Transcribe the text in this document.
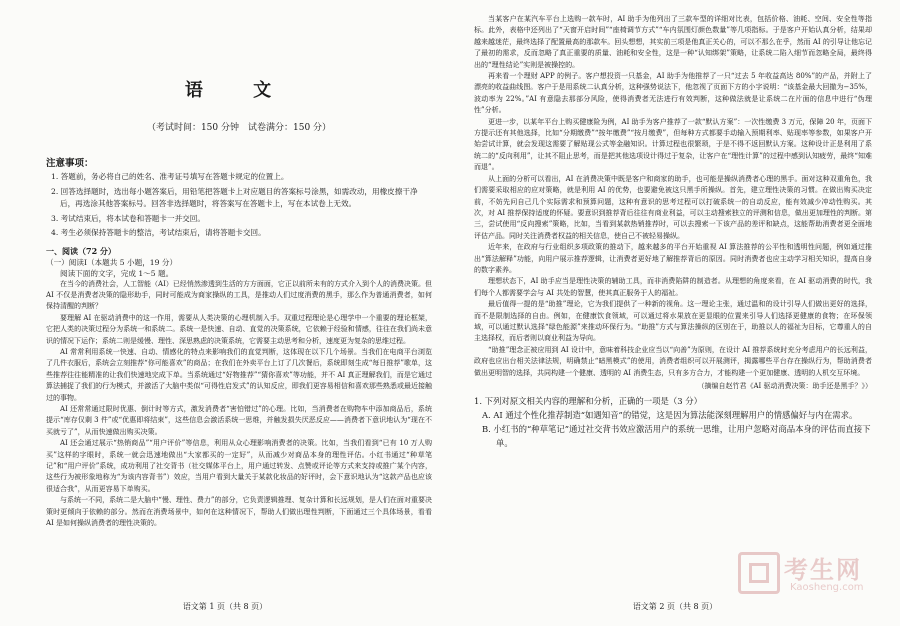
语 文
（考试时间：150 分钟　试卷满分：150 分）
注意事项：
1. 答题前，务必将自己的姓名、准考证号填写在答题卡规定的位置上。
2. 回答选择题时，选出每小题答案后，用铅笔把答题卡上对应题目的答案标号涂黑，如需改动，用橡皮擦干净后，再选涂其他答案标号。回答非选择题时，将答案写在答题卡上，写在本试卷上无效。
3. 考试结束后，将本试卷和答题卡一并交回。
4. 考生必须保持答题卡的整洁，考试结束后，请将答题卡交回。
一、阅读（72 分）
（一）阅读Ⅰ（本题共 5 小题，19 分）
阅读下面的文字，完成 1～5 题。

在当今的消费社会，人工智能（AI）已经悄然渗透到生活的方方面面，它正以前所未有的方式介入到个人的消费决策。但 AI 不仅是消费者决策的隐形助手，同时可能成为商家操纵的工具，是推动人们过度消费的黑手，那么作为普通消费者，如何保持清醒的判断？

要理解 AI 在驱动消费中的这一作用，需要从人类决策的心理机制入手。双重过程理论是心理学中一个重要的理论框架，它把人类的决策过程分为系统一和系统二。系统一是快速、自动、直觉的决策系统，它依赖于经验和情感，往往在我们尚未意识的情况下运作；系统二则是缓慢、理性、深思熟虑的决策系统，它需要主动思考和分析，速度更为复杂的思维过程。

AI 常常利用系统一快速、自动、情感化的特点来影响我们的直觉判断，这体现在以下几个场景。当我们在电商平台浏览了几件衣服后，系统会立刻推荐“你可能喜欢”的商品；在我们在外卖平台上订了几次餐后，系统即刻生成“每日推荐”歌单，这些推荐往往能精准的让我们快速地完成下单。当系统通过“好物推荐”“猜你喜欢”等功能，并不 AI 真正理解我们，而是它通过算法捕捉了我们的行为模式，并激活了大脑中类似“可得性启发式”的认知反应，即我们更容易相信和喜欢那些熟悉或最近接触过的事物。

AI 还常常通过限时优惠、倒计时等方式，激发消费者“害怕错过”的心理。比如，当消费者在购物车中添加商品后，系统提示“库存仅剩 3 件”或“优惠即将结束”，这些信息会激活系统一思维，并触发损失厌恶反应——消费者下意识地认为“现在不买就亏了”，从而快速做出购买决策。

AI 还会通过展示“热销商品”“用户评价”等信息，利用从众心理影响消费者的决策。比如，当我们看到“已有 10 万人购买”这样的字眼时，系统一就会迅速地做出“大家都买的一定好”，从而减少对商品本身的理性评估。小红书通过“种草笔记”和“用户评价”系统，成功利用了社交背书（社交媒体平台上，用户通过转发、点赞或评论等方式来支持或推广某个内容，这些行为被形象地称为“为该内容背书”）效应，当用户看到大量关于某款化妆品的好评时，会下意识地认为“这款产品也应该很适合我”，从而更容易下单购买。

与系统一不同，系统二是大脑中“慢、理性、费力”的部分，它负责逻辑推理、复杂计算和长远规划，是人们在面对重要决策时更倾向于依赖的部分。然而在消费场景中，如何在这种情况下，帮助人们做出理性判断，下面通过三个具体场景，看看 AI 是如何操纵消费者的理性决策的。

语文第 1 页（共 8 页）

当某客户在某汽车平台上选购一款车时，AI 助手为他列出了三款车型的详细对比表，包括价格、油耗、空间、安全性等指标。此外，表格中还列出了“天窗开启时间”“座椅调节方式”“车内氛围灯颜色数量”等几项指标。于是客户开始认真分析，结果却越来越迷茫，最终选择了配置最高的那款车。回头想想，其实前三项是他真正关心的，可以不那么在乎，然而 AI 的引导让他忘记了最初的需求，反而忽略了真正重要的质量、油耗和安全性，这是一种“认知绑架”策略，让系统二陷入细节而忽略全局，最终得出的“理性结论”实则是被操控的。

再来看一个理财 APP 的例子。客户想投资一只基金，AI 助手为他推荐了一只“过去 5 年收益高达 80%”的产品，并附上了漂亮的收益曲线图。客户于是用系统二认真分析，这种强势说法下，他忽视了页面下方的小字说明：“该基金最大回撤为−35%，波动率为 22%。”AI 有意隐去那部分风险，使得消费者无法进行有效判断，这种做法就是让系统二在片面的信息中进行“伪理性”分析。

更进一步，以某年平台上购买健康险为例，AI 助手为客户推荐了一款“默认方案”：一次性缴费 3 万元，保障 20 年，页面下方提示还有其他选择，比如“分期缴费”“按年缴费”“按月缴费”，但每种方式都要手动输入预期利率、贴现率等参数，如果客户开始尝试计算，就会发现这需要了解贴现公式等金融知识。计算过程也很繁琐，于是不得不返回默认方案。这种设计正是利用了系统二的“反向利用”，让其不阻止思考，而是把其他选项设计得过于复杂，让客户在“理性计算”的过程中感到认知疲劳，最终“知难而退”。

从上面的分析可以看出，AI 在消费决策中既是客户和商家的助手，也可能是操纵消费者心理的黑手。面对这种双重角色，我们需要采取相应的应对策略，就是利用 AI 的优势，也要避免被这只黑手所操纵。首先，建立理性决策的习惯。在做出购买决定前，不妨先问自己几个实际需求和预算问题，这种有意识的思考过程可以打破系统一的自动反应，能有效减少冲动性购买。其次，对 AI 推荐保持适度的怀疑。要意识到推荐背后往往有商业利益，可以主动搜索独立的评测和信息，做出更加理性的判断。第三，尝试使用“反向搜索”策略，比如，当看到某款热销推荐时，可以去搜索一下该产品的差评和缺点，这能帮助消费者更全面地评估产品。同时关注消费者权益的相关信息，使自己不被轻易操纵。

近年来，在政府与行业组织多项政策的推动下，越来越多的平台开始重视 AI 算法推荐的公平性和透明性问题，例如通过推出“算法解释”功能，向用户展示推荐逻辑，让消费者更好地了解推荐背后的原因。同时消费者也应主动学习相关知识，提高自身的数字素养。

理想状态下，AI 助手应当是理性决策的辅助工具，而非消费陷阱的制造者。从理想的角度来看，在 AI 驱动消费的时代，我们每个人都需要学会与 AI 共处的智慧，使其真正服务于人的福祉。

最后值得一提的是“助推”理论，它为我们提供了一种新的视角。这一理论主张，通过温和的设计引导人们做出更好的选择，而不是限制选择的自由。例如，在健康饮食领域，可以通过将水果放在更显眼的位置来引导人们选择更健康的食物；在环保领域，可以通过默认选择“绿色能源”来推动环保行为。“助推”方式与算法操纵的区别在于，助推以人的福祉为目标，它尊重人的自主选择权，而后者则以商业利益为导向。

“助推”理念正被应用到 AI 设计中，意味着科技企业应当以“向善”为原则，在设计 AI 推荐系统时充分考虑用户的长远利益，政府也应出台相关法律法规，明确禁止“暗黑模式”的使用，消费者组织可以开展测评，揭露哪些平台存在操纵行为，帮助消费者做出更明智的选择，共同构建一个健康、透明的 AI 消费生态，只有多方合力，才能构建一个更加健康、透明的人机交互环境。

（摘编自赵竹君《AI 驱动消费决策：助手还是黑手？》）

1. 下列对原文相关内容的理解和分析，正确的一项是（3 分）
A. AI 通过个性化推荐制造“如遇知音”的错觉，这是因为算法能深刻理解用户的情感偏好与内在需求。
B. 小红书的“种草笔记”通过社交背书效应激活用户的系统一思维，让用户忽略对商品本身的评估而直接下单。
语文第 2 页（共 8 页）
考生网
Kaosheng.com
